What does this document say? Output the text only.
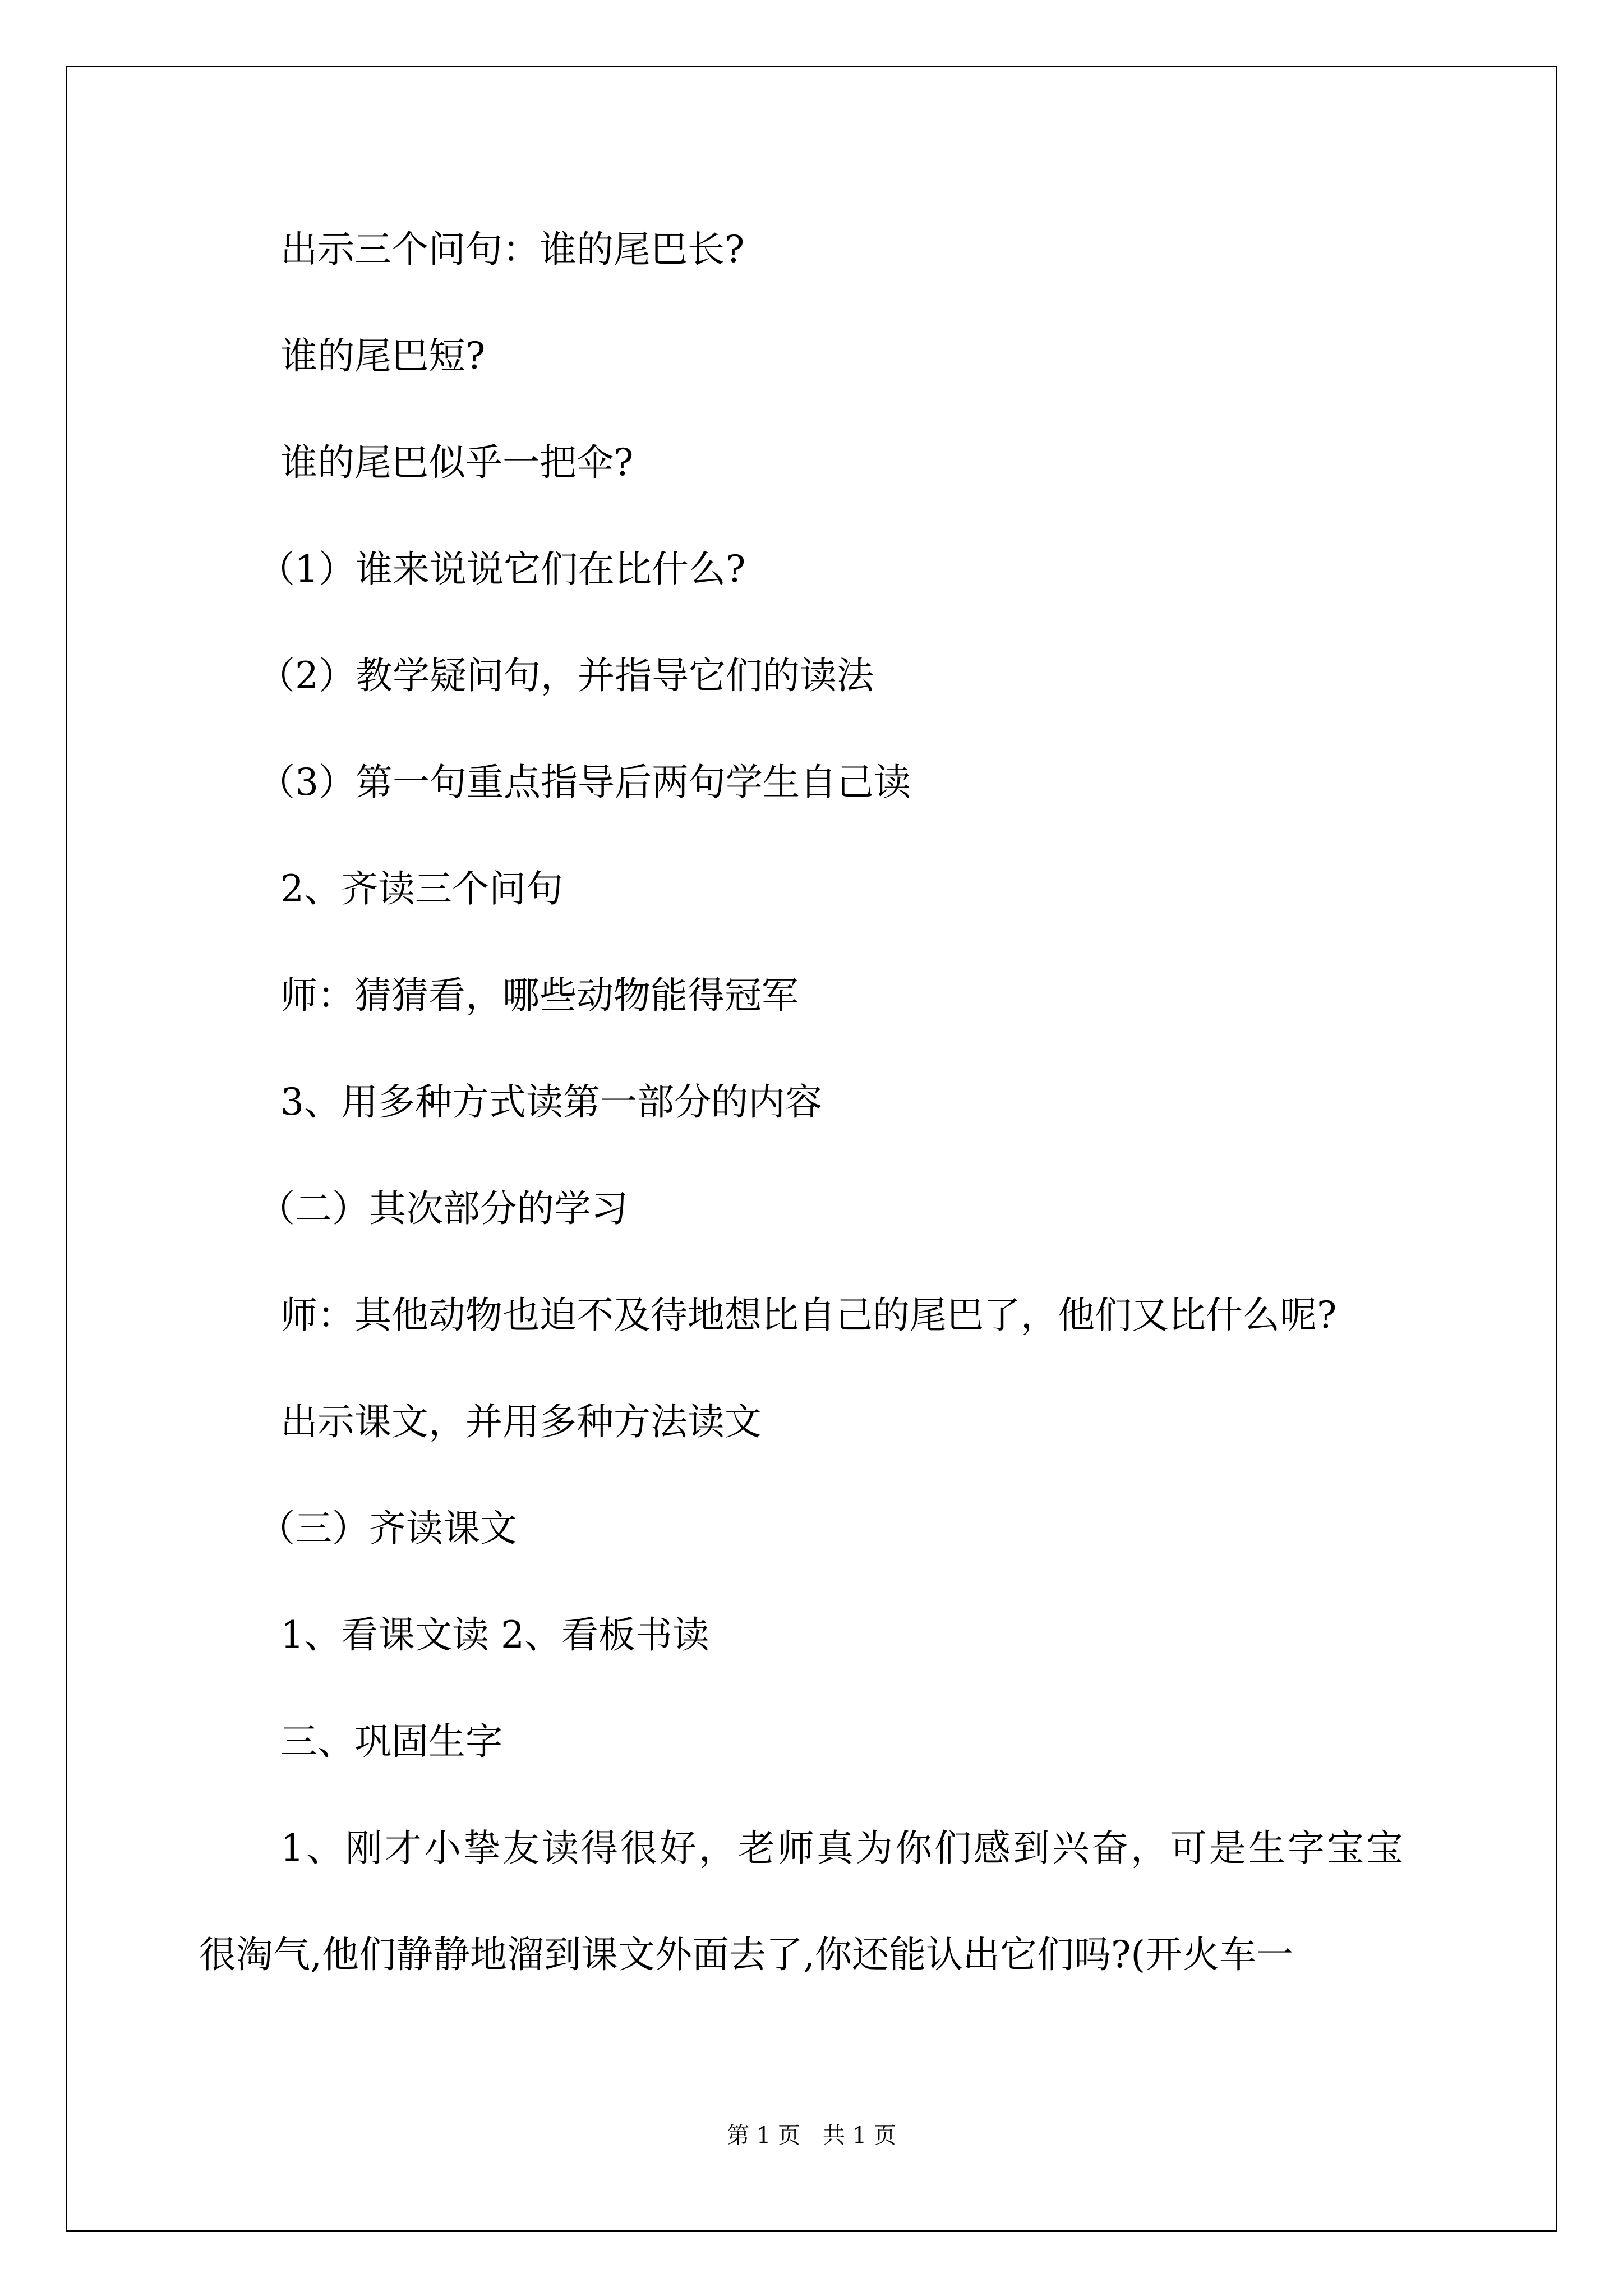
出示三个问句：谁的尾巴长?
谁的尾巴短?
谁的尾巴似乎一把伞?
（1）谁来说说它们在比什么?
（2）教学疑问句，并指导它们的读法
（3）第一句重点指导后两句学生自己读
2、齐读三个问句
师：猜猜看，哪些动物能得冠军
3、用多种方式读第一部分的内容
（二）其次部分的学习
师：其他动物也迫不及待地想比自己的尾巴了，他们又比什么呢?
出示课文，并用多种方法读文
（三）齐读课文
1、看课文读 2、看板书读
三、巩固生字
1、刚才小挚友读得很好，老师真为你们感到兴奋，可是生字宝宝
很淘气,他们静静地溜到课文外面去了,你还能认出它们吗?(开火车一
第 1 页　共 1 页
